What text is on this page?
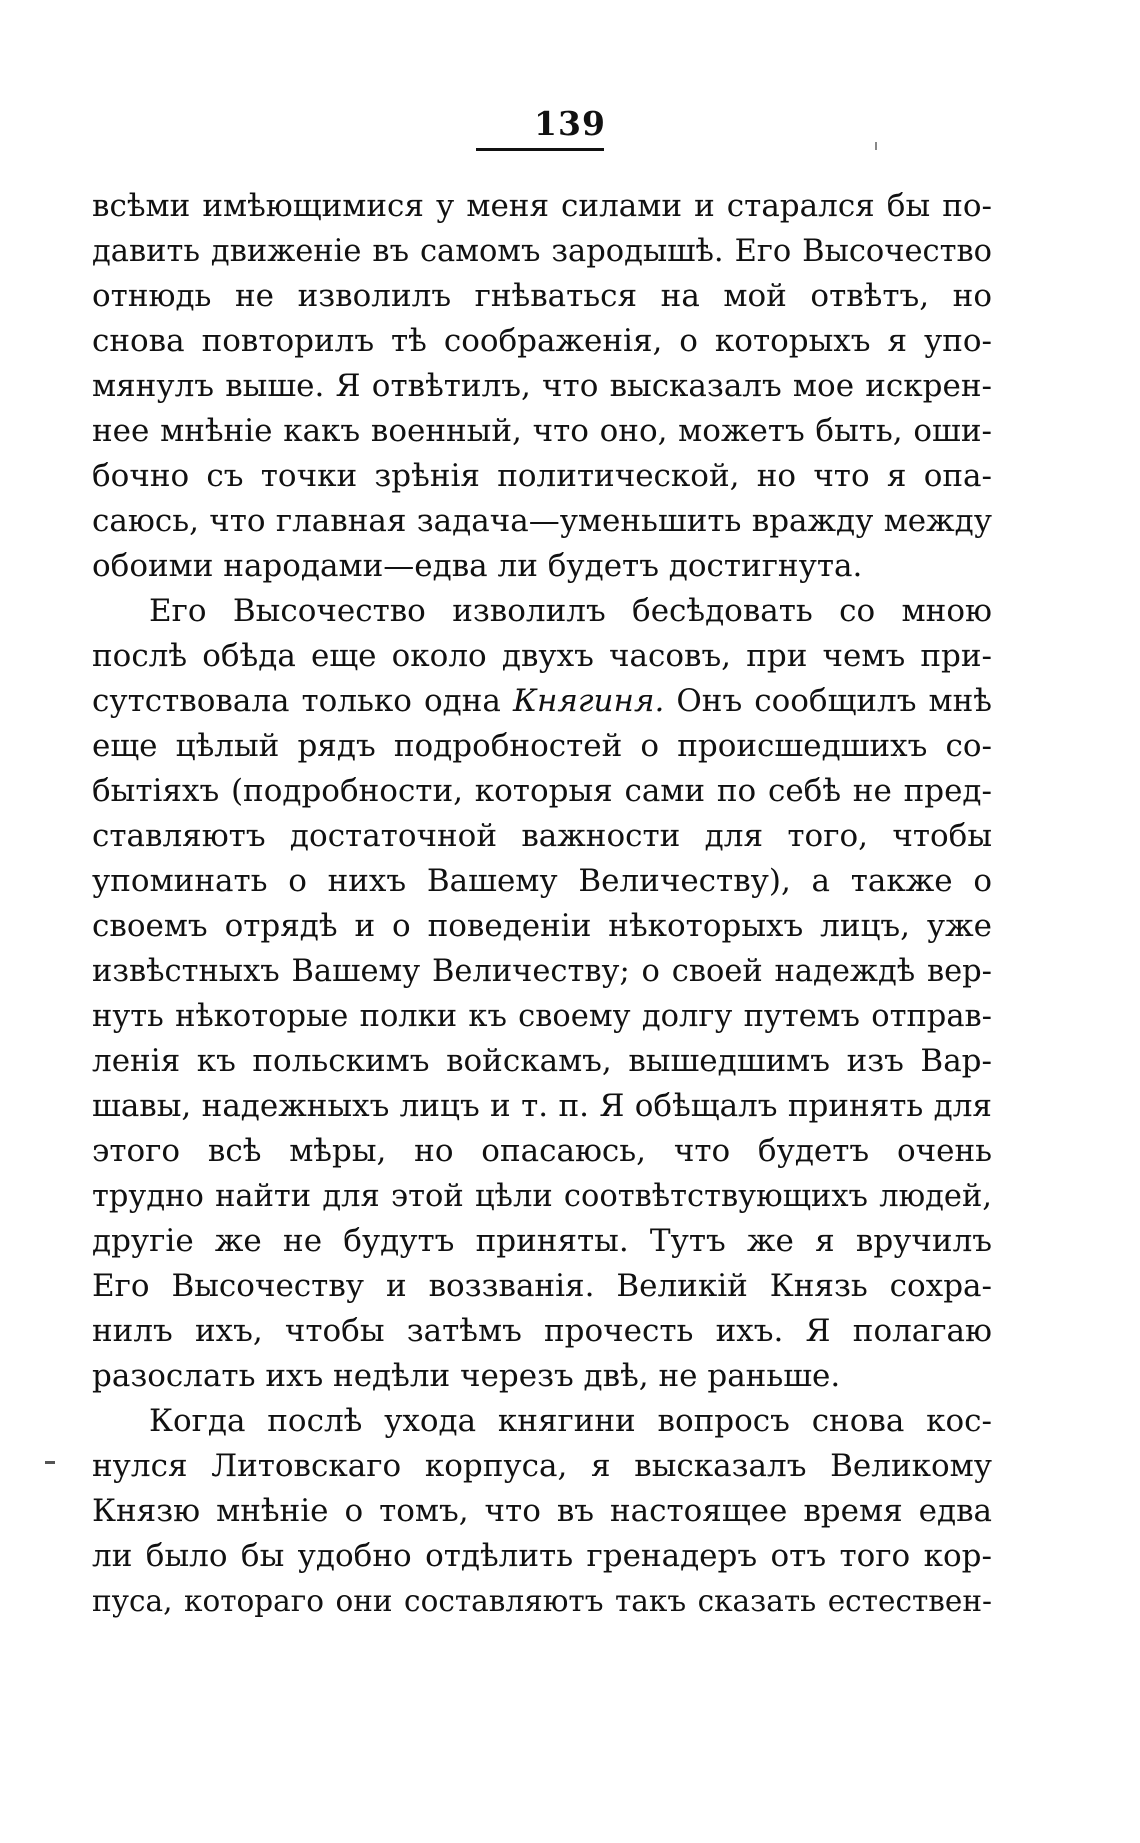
139
всѣми имѣющимися у меня силами и старался бы по-
давить движеніе въ самомъ зародышѣ. Его Высочество
отнюдь не изволилъ гнѣваться на мой отвѣтъ, но
снова повторилъ тѣ соображенія, о которыхъ я упо-
мянулъ выше. Я отвѣтилъ, что высказалъ мое искрен-
нее мнѣніе какъ военный, что оно, можетъ быть, оши-
бочно съ точки зрѣнія политической, но что я опа-
саюсь, что главная задача—уменьшить вражду между
обоими народами—едва ли будетъ достигнута.
Его Высочество изволилъ бесѣдовать со мною
послѣ обѣда еще около двухъ часовъ, при чемъ при-
сутствовала только одна Княгиня. Онъ сообщилъ мнѣ
еще цѣлый рядъ подробностей о происшедшихъ со-
бытіяхъ (подробности, которыя сами по себѣ не пред-
ставляютъ достаточной важности для того, чтобы
упоминать о нихъ Вашему Величеству), а также о
своемъ отрядѣ и о поведеніи нѣкоторыхъ лицъ, уже
извѣстныхъ Вашему Величеству; о своей надеждѣ вер-
нуть нѣкоторые полки къ своему долгу путемъ отправ-
ленія къ польскимъ войскамъ, вышедшимъ изъ Вар-
шавы, надежныхъ лицъ и т. п. Я обѣщалъ принять для
этого всѣ мѣры, но опасаюсь, что будетъ очень
трудно найти для этой цѣли соотвѣтствующихъ людей,
другіе же не будутъ приняты. Тутъ же я вручилъ
Его Высочеству и воззванія. Великій Князь сохра-
нилъ ихъ, чтобы затѣмъ прочесть ихъ. Я полагаю
разослать ихъ недѣли черезъ двѣ, не раньше.
Когда послѣ ухода княгини вопросъ снова кос-
нулся Литовскаго корпуса, я высказалъ Великому
Князю мнѣніе о томъ, что въ настоящее время едва
ли было бы удобно отдѣлить гренадеръ отъ того кор-
пуса, котораго они составляютъ такъ сказать естествен-
